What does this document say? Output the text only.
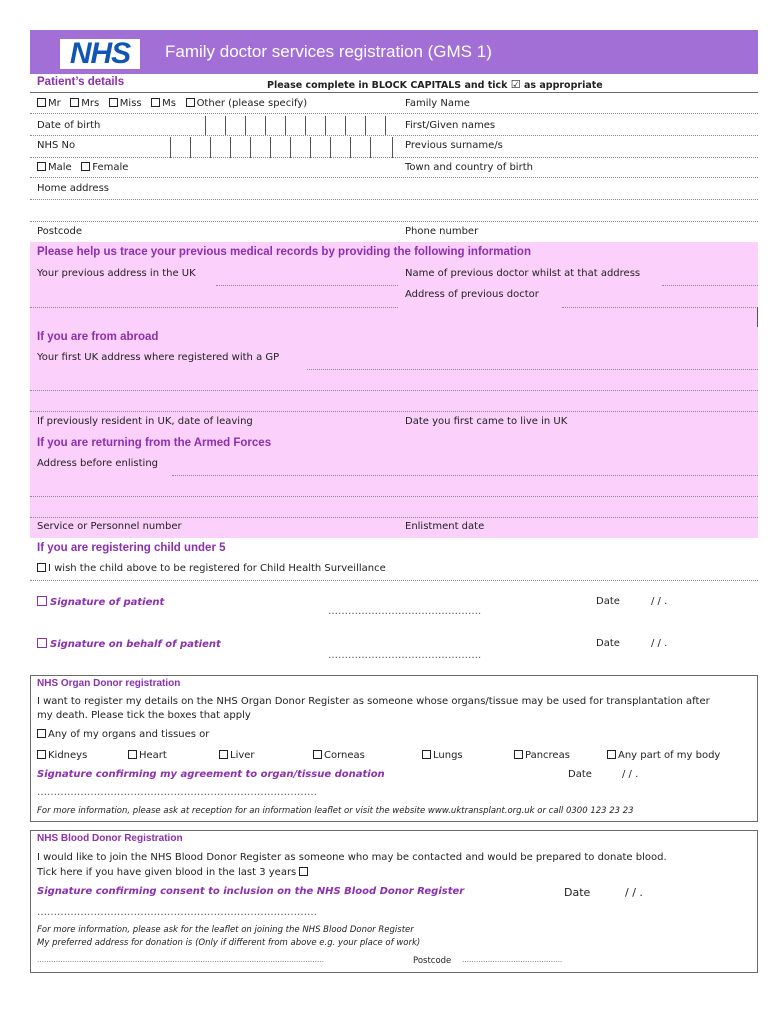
NHS	Family doctor services registration (GMS 1)
Patient’s details	Please complete in BLOCK CAPITALS and tick ☑ as appropriate
Mr Mrs Miss Ms Other (please specify)	Family Name
Date of birth	First/Given names
NHS No	Previous surname/s
Male Female	Town and country of birth
Home address
Postcode	Phone number
Please help us trace your previous medical records by providing the following information
Your previous address in the UK	Name of previous doctor whilst at that address
Address of previous doctor
If you are from abroad
Your first UK address where registered with a GP
If previously resident in UK, date of leaving	Date you first came to live in UK
If you are returning from the Armed Forces
Address before enlisting
Service or Personnel number	Enlistment date
If you are registering child under 5
I wish the child above to be registered for Child Health Surveillance
Signature of patient
……………………………………….
Date	/ / .
Signature on behalf of patient
……………………………………….
Date	/ / .
NHS Organ Donor registration
I want to register my details on the NHS Organ Donor Register as someone whose organs/tissue may be used for transplantation after
my death. Please tick the boxes that apply
Any of my organs and tissues or
Kidneys	Heart	Liver	Corneas	Lungs	Pancreas	Any part of my body
Signature confirming my agreement to organ/tissue donation	Date	/ / .
…………………………………………………………………………
For more information, please ask at reception for an information leaflet or visit the website www.uktransplant.org.uk or call 0300 123 23 23
NHS Blood Donor Registration
I would like to join the NHS Blood Donor Register as someone who may be contacted and would be prepared to donate blood.
Tick here if you have given blood in the last 3 years
Signature confirming consent to inclusion on the NHS Blood Donor Register	Date	/ / .
…………………………………………………………………………
For more information, please ask for the leaflet on joining the NHS Blood Donor Register
My preferred address for donation is (Only if different from above e.g. your place of work)
……………………………………………………………………………………………………………	Postcode …………………………………….
